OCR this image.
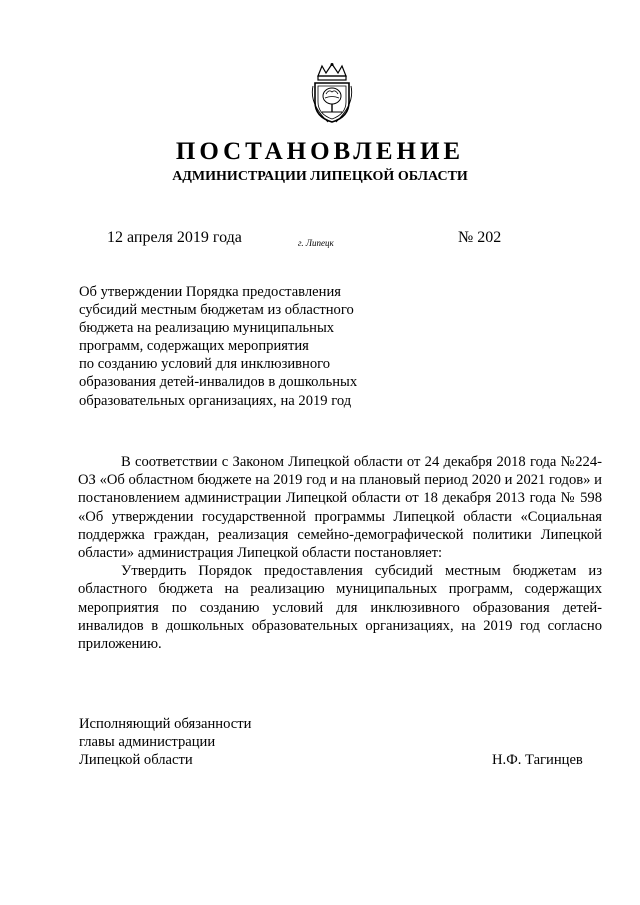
ПОСТАНОВЛЕНИЕ
АДМИНИСТРАЦИИ ЛИПЕЦКОЙ ОБЛАСТИ
12 апреля 2019 года	г. Липецк	№ 202
Об утверждении Порядка предоставления
субсидий местным бюджетам из областного
бюджета на реализацию муниципальных
программ, содержащих мероприятия
по созданию условий для инклюзивного
образования детей-инвалидов в дошкольных
образовательных организациях, на 2019 год

В соответствии с Законом Липецкой области от 24 декабря 2018 года №224-ОЗ «Об областном бюджете на 2019 год и на плановый период 2020 и 2021 годов» и постановлением администрации Липецкой области от 18 декабря 2013 года № 598 «Об утверждении государственной программы Липецкой области «Социальная поддержка граждан, реализация семейно-демографической политики Липецкой области» администрация Липецкой области постановляет:

Утвердить Порядок предоставления субсидий местным бюджетам из областного бюджета на реализацию муниципальных программ, содержащих мероприятия по созданию условий для инклюзивного образования детей-инвалидов в дошкольных образовательных организациях, на 2019 год согласно приложению.

Исполняющий обязанности
главы администрации
Липецкой области	Н.Ф. Тагинцев
